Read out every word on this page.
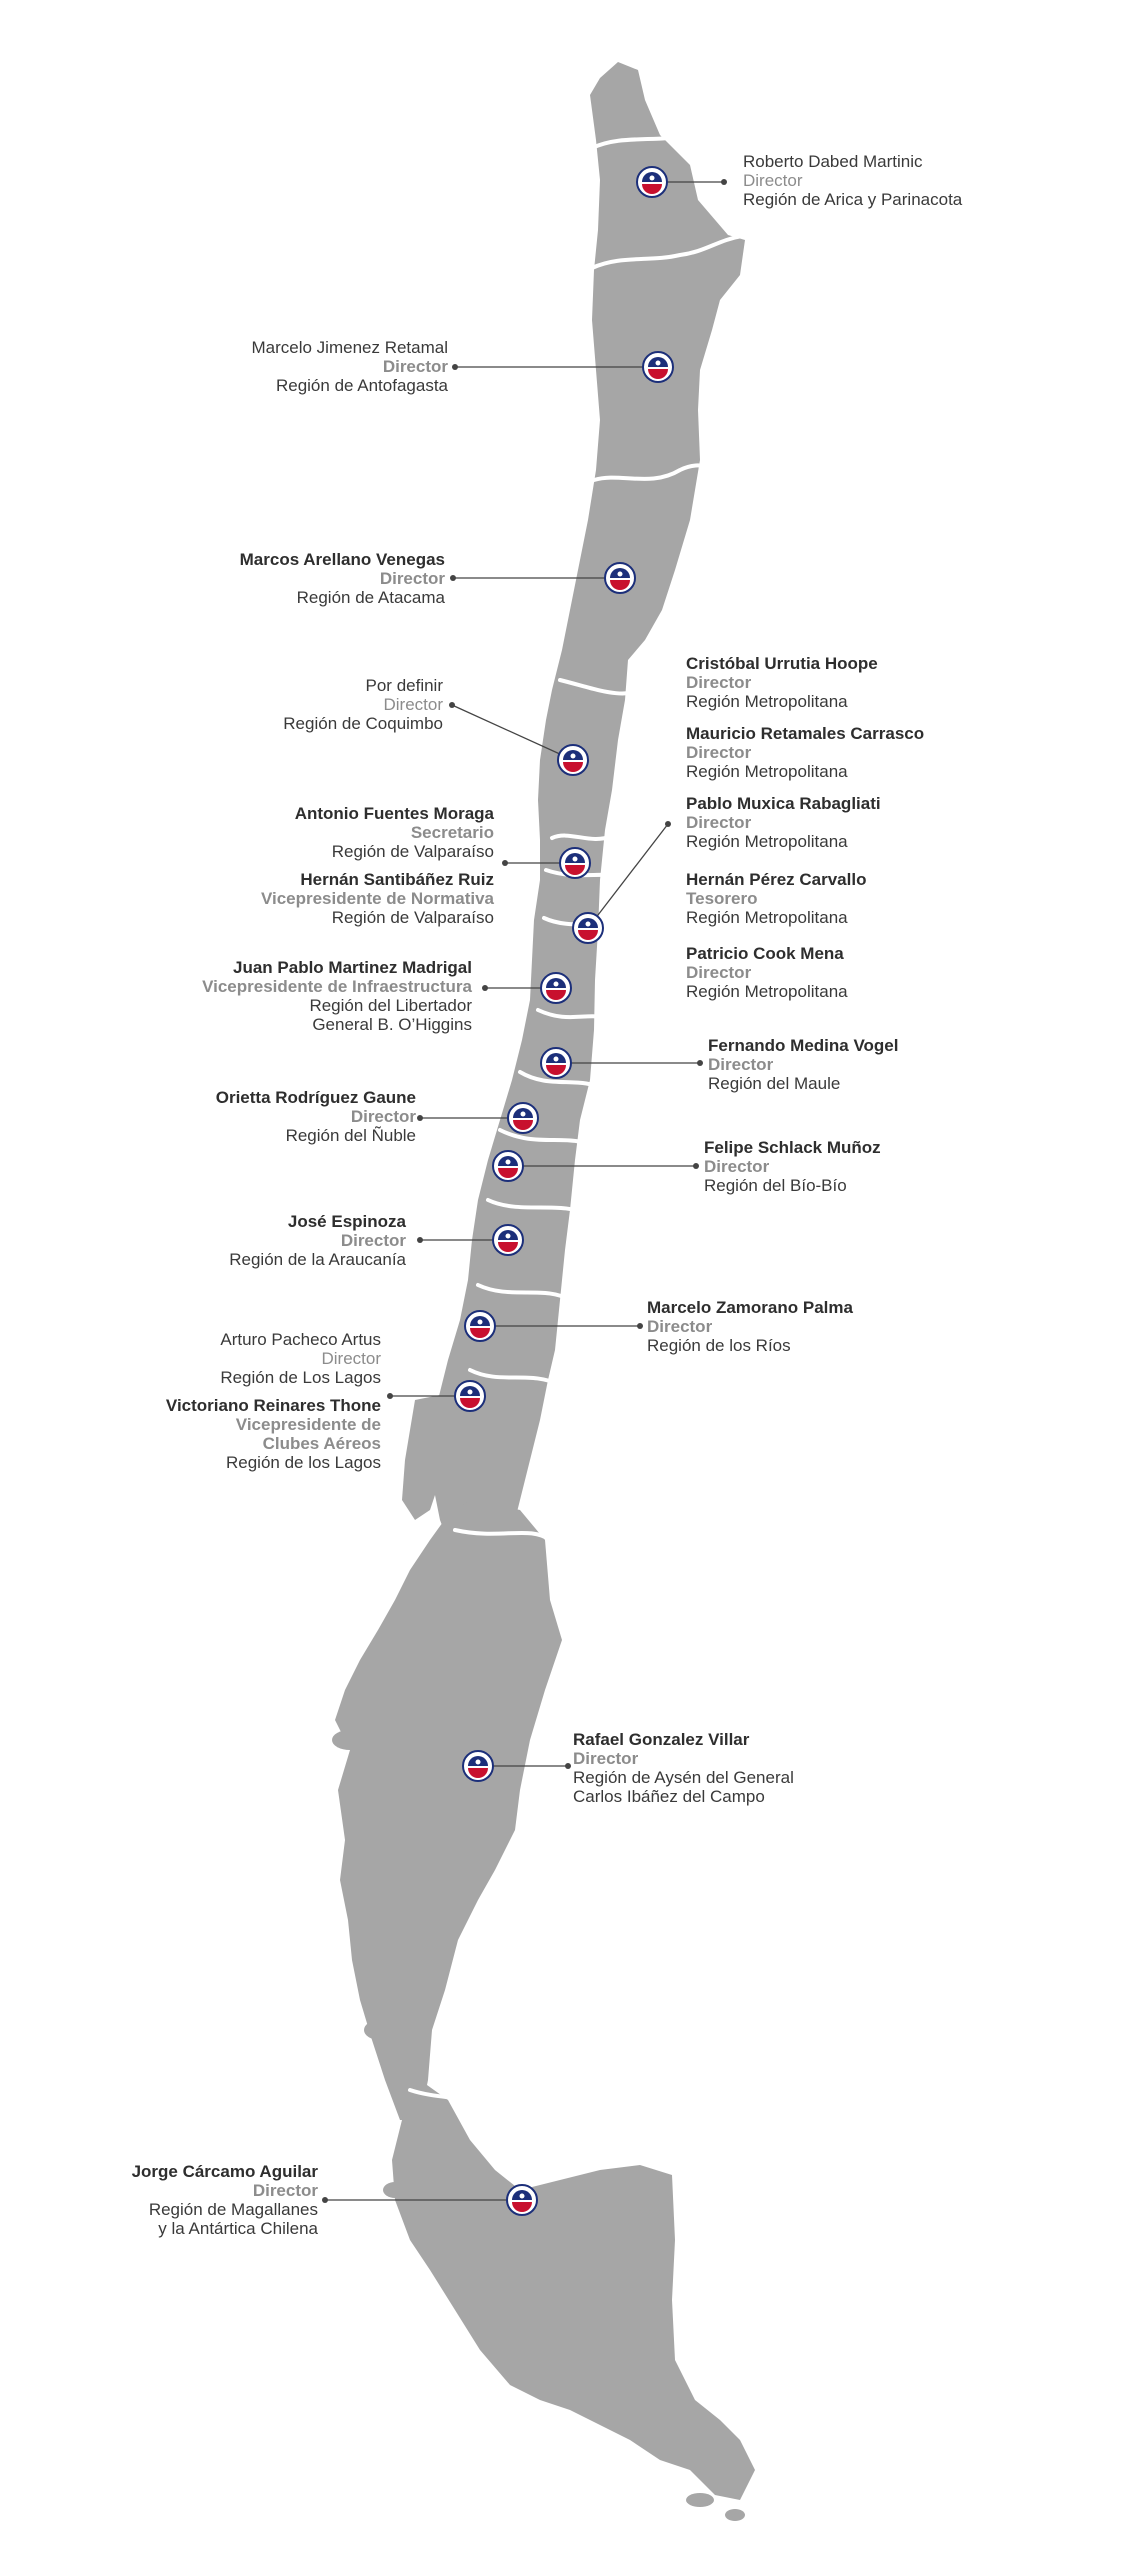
Roberto Dabed Martinic
Director
Región de Arica y Parinacota
Marcelo Jimenez Retamal
Director
Región de Antofagasta
Marcos Arellano Venegas
Director
Región de Atacama
Por definir
Director
Región de Coquimbo
Cristóbal Urrutia Hoope
Director
Región Metropolitana
Mauricio Retamales Carrasco
Director
Región Metropolitana
Pablo Muxica Rabagliati
Director
Región Metropolitana
Hernán Pérez Carvallo
Tesorero
Región Metropolitana
Patricio Cook Mena
Director
Región Metropolitana
Antonio Fuentes Moraga
Secretario
Región de Valparaíso
Hernán Santibáñez Ruiz
Vicepresidente de Normativa
Región de Valparaíso
Juan Pablo Martinez Madrigal
Vicepresidente de Infraestructura
Región del Libertador
General B. O’Higgins
Fernando Medina Vogel
Director
Región del Maule
Orietta Rodríguez Gaune
Director
Región del Ñuble
Felipe Schlack Muñoz
Director
Región del Bío-Bío
José Espinoza
Director
Región de la Araucanía
Marcelo Zamorano Palma
Director
Región de los Ríos
Arturo Pacheco Artus
Director
Región de Los Lagos
Victoriano Reinares Thone
Vicepresidente de
Clubes Aéreos
Región de los Lagos
Rafael Gonzalez Villar
Director
Región de Aysén del General
Carlos Ibáñez del Campo
Jorge Cárcamo Aguilar
Director
Región de Magallanes
y la Antártica Chilena
